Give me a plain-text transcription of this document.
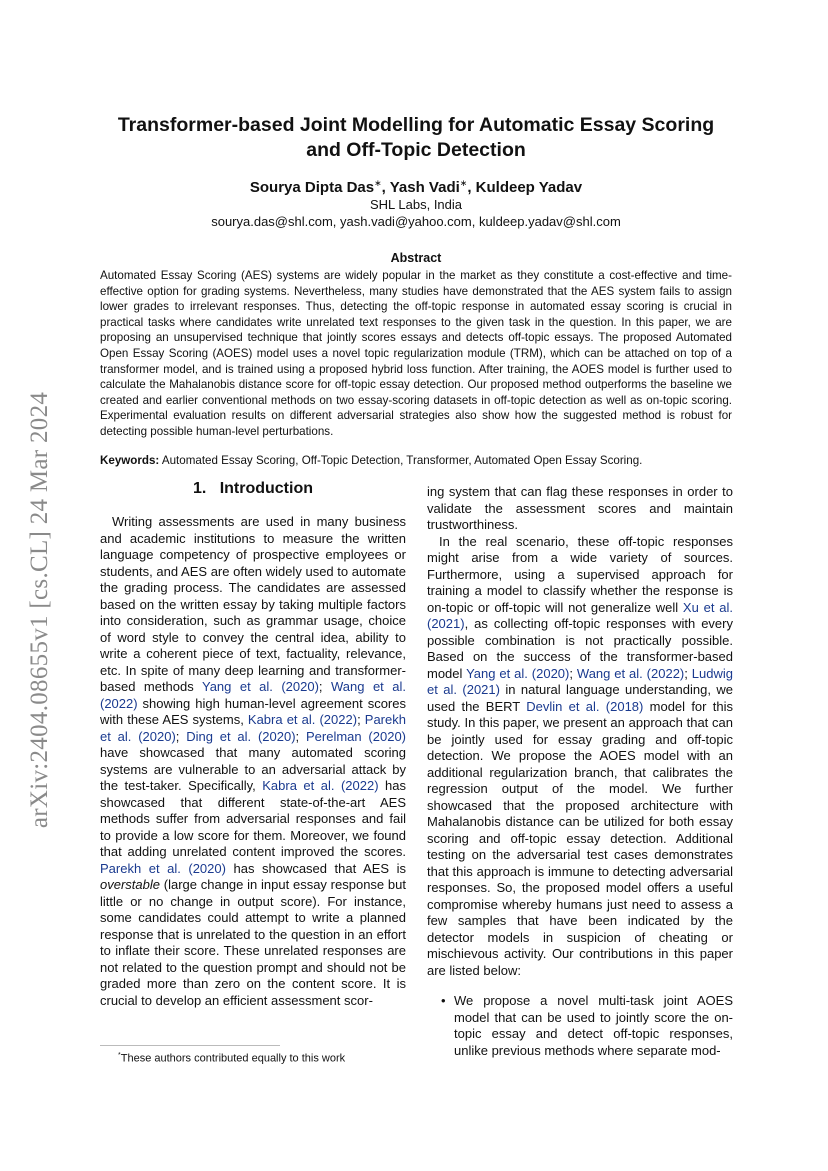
arXiv:2404.08655v1 [cs.CL] 24 Mar 2024
Transformer-based Joint Modelling for Automatic Essay Scoring and Off-Topic Detection
Sourya Dipta Das∗, Yash Vadi∗, Kuldeep Yadav
SHL Labs, India
sourya.das@shl.com, yash.vadi@yahoo.com, kuldeep.yadav@shl.com
Abstract
Automated Essay Scoring (AES) systems are widely popular in the market as they constitute a cost-effective and time-effective option for grading systems. Nevertheless, many studies have demonstrated that the AES system fails to assign lower grades to irrelevant responses. Thus, detecting the off-topic response in automated essay scoring is crucial in practical tasks where candidates write unrelated text responses to the given task in the question. In this paper, we are proposing an unsupervised technique that jointly scores essays and detects off-topic essays. The proposed Automated Open Essay Scoring (AOES) model uses a novel topic regularization module (TRM), which can be attached on top of a transformer model, and is trained using a proposed hybrid loss function. After training, the AOES model is further used to calculate the Mahalanobis distance score for off-topic essay detection. Our proposed method outperforms the baseline we created and earlier conventional methods on two essay-scoring datasets in off-topic detection as well as on-topic scoring. Experimental evaluation results on different adversarial strategies also show how the suggested method is robust for detecting possible human-level perturbations.
Keywords: Automated Essay Scoring, Off-Topic Detection, Transformer, Automated Open Essay Scoring.
1. Introduction

Writing assessments are used in many business and academic institutions to measure the written language competency of prospective employees or students, and AES are often widely used to automate the grading process. The candidates are assessed based on the written essay by taking multiple factors into consideration, such as grammar usage, choice of word style to convey the central idea, ability to write a coherent piece of text, factuality, relevance, etc. In spite of many deep learning and transformer-based methods Yang et al. (2020); Wang et al. (2022) showing high human-level agreement scores with these AES systems, Kabra et al. (2022); Parekh et al. (2020); Ding et al. (2020); Perelman (2020) have showcased that many automated scoring systems are vulnerable to an adversarial attack by the test-taker. Specifically, Kabra et al. (2022) has showcased that different state-of-the-art AES methods suffer from adversarial responses and fail to provide a low score for them. Moreover, we found that adding unrelated content improved the scores. Parekh et al. (2020) has showcased that AES is overstable (large change in input essay response but little or no change in output score). For instance, some candidates could attempt to write a planned response that is unrelated to the question in an effort to inflate their score. These unrelated responses are not related to the question prompt and should not be graded more than zero on the content score. It is crucial to develop an efficient assessment scor-

ing system that can flag these responses in order to validate the assessment scores and maintain trustworthiness.

In the real scenario, these off-topic responses might arise from a wide variety of sources. Furthermore, using a supervised approach for training a model to classify whether the response is on-topic or off-topic will not generalize well Xu et al. (2021), as collecting off-topic responses with every possible combination is not practically possible. Based on the success of the transformer-based model Yang et al. (2020); Wang et al. (2022); Ludwig et al. (2021) in natural language understanding, we used the BERT Devlin et al. (2018) model for this study. In this paper, we present an approach that can be jointly used for essay grading and off-topic detection. We propose the AOES model with an additional regularization branch, that calibrates the regression output of the model. We further showcased that the proposed architecture with Mahalanobis distance can be utilized for both essay scoring and off-topic essay detection. Additional testing on the adversarial test cases demonstrates that this approach is immune to detecting adversarial responses. So, the proposed model offers a useful compromise whereby humans just need to assess a few samples that have been indicated by the detector models in suspicion of cheating or mischievous activity. Our contributions in this paper are listed below:

• We propose a novel multi-task joint AOES model that can be used to jointly score the on-topic essay and detect off-topic responses, unlike previous methods where separate mod-
*These authors contributed equally to this work
